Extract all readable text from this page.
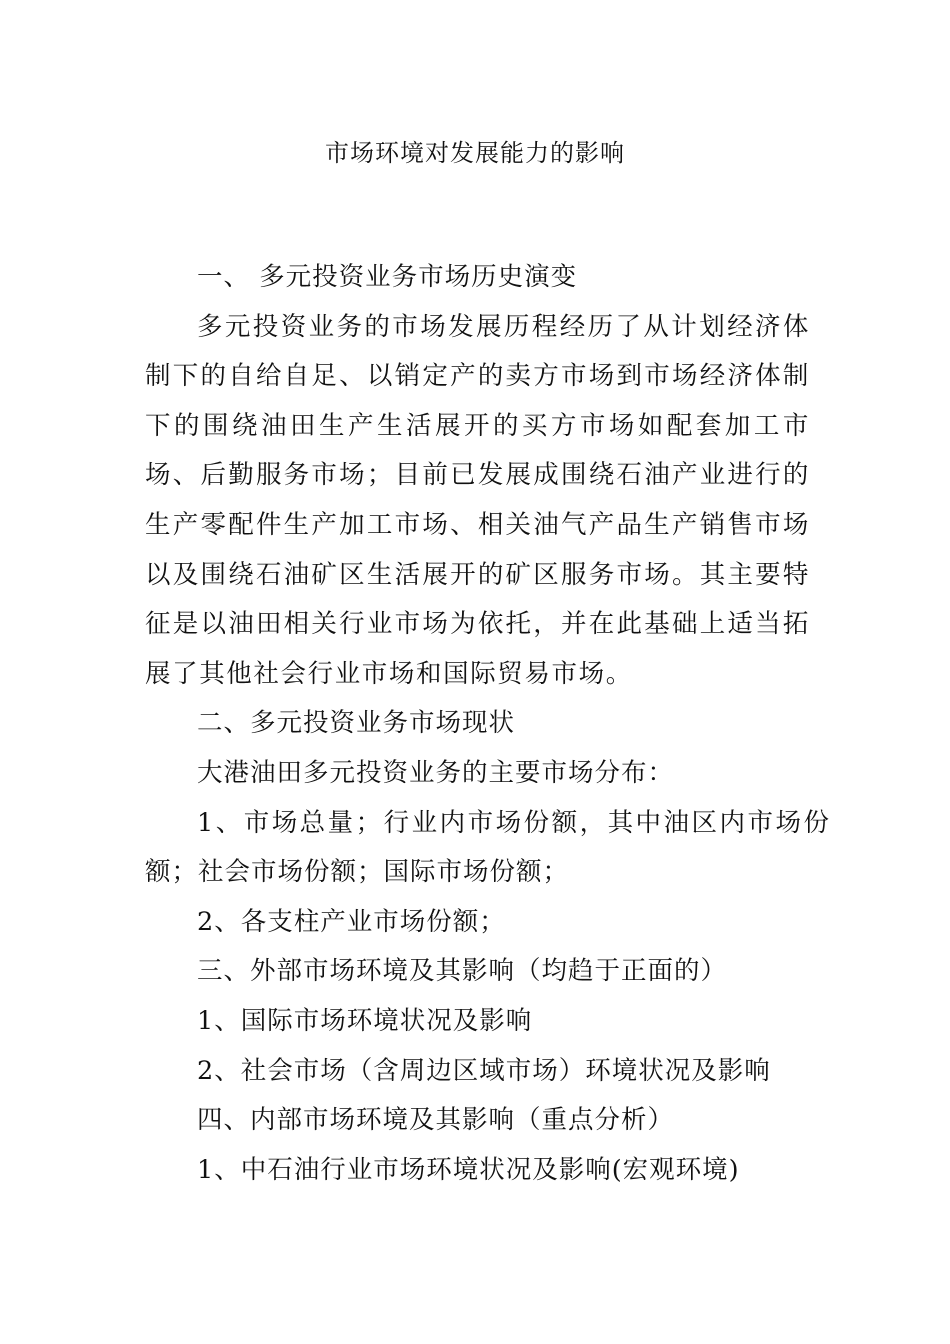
市场环境对发展能力的影响

一、 多元投资业务市场历史演变

多元投资业务的市场发展历程经历了从计划经济体制下的自给自足、以销定产的卖方市场到市场经济体制下的围绕油田生产生活展开的买方市场如配套加工市场、后勤服务市场；目前已发展成围绕石油产业进行的生产零配件生产加工市场、相关油气产品生产销售市场以及围绕石油矿区生活展开的矿区服务市场。其主要特征是以油田相关行业市场为依托，并在此基础上适当拓展了其他社会行业市场和国际贸易市场。

二、多元投资业务市场现状

大港油田多元投资业务的主要市场分布：

1、市场总量；行业内市场份额，其中油区内市场份额；社会市场份额；国际市场份额；

2、各支柱产业市场份额；

三、外部市场环境及其影响（均趋于正面的）

1、国际市场环境状况及影响

2、社会市场（含周边区域市场）环境状况及影响

四、内部市场环境及其影响（重点分析）

1、中石油行业市场环境状况及影响(宏观环境)
